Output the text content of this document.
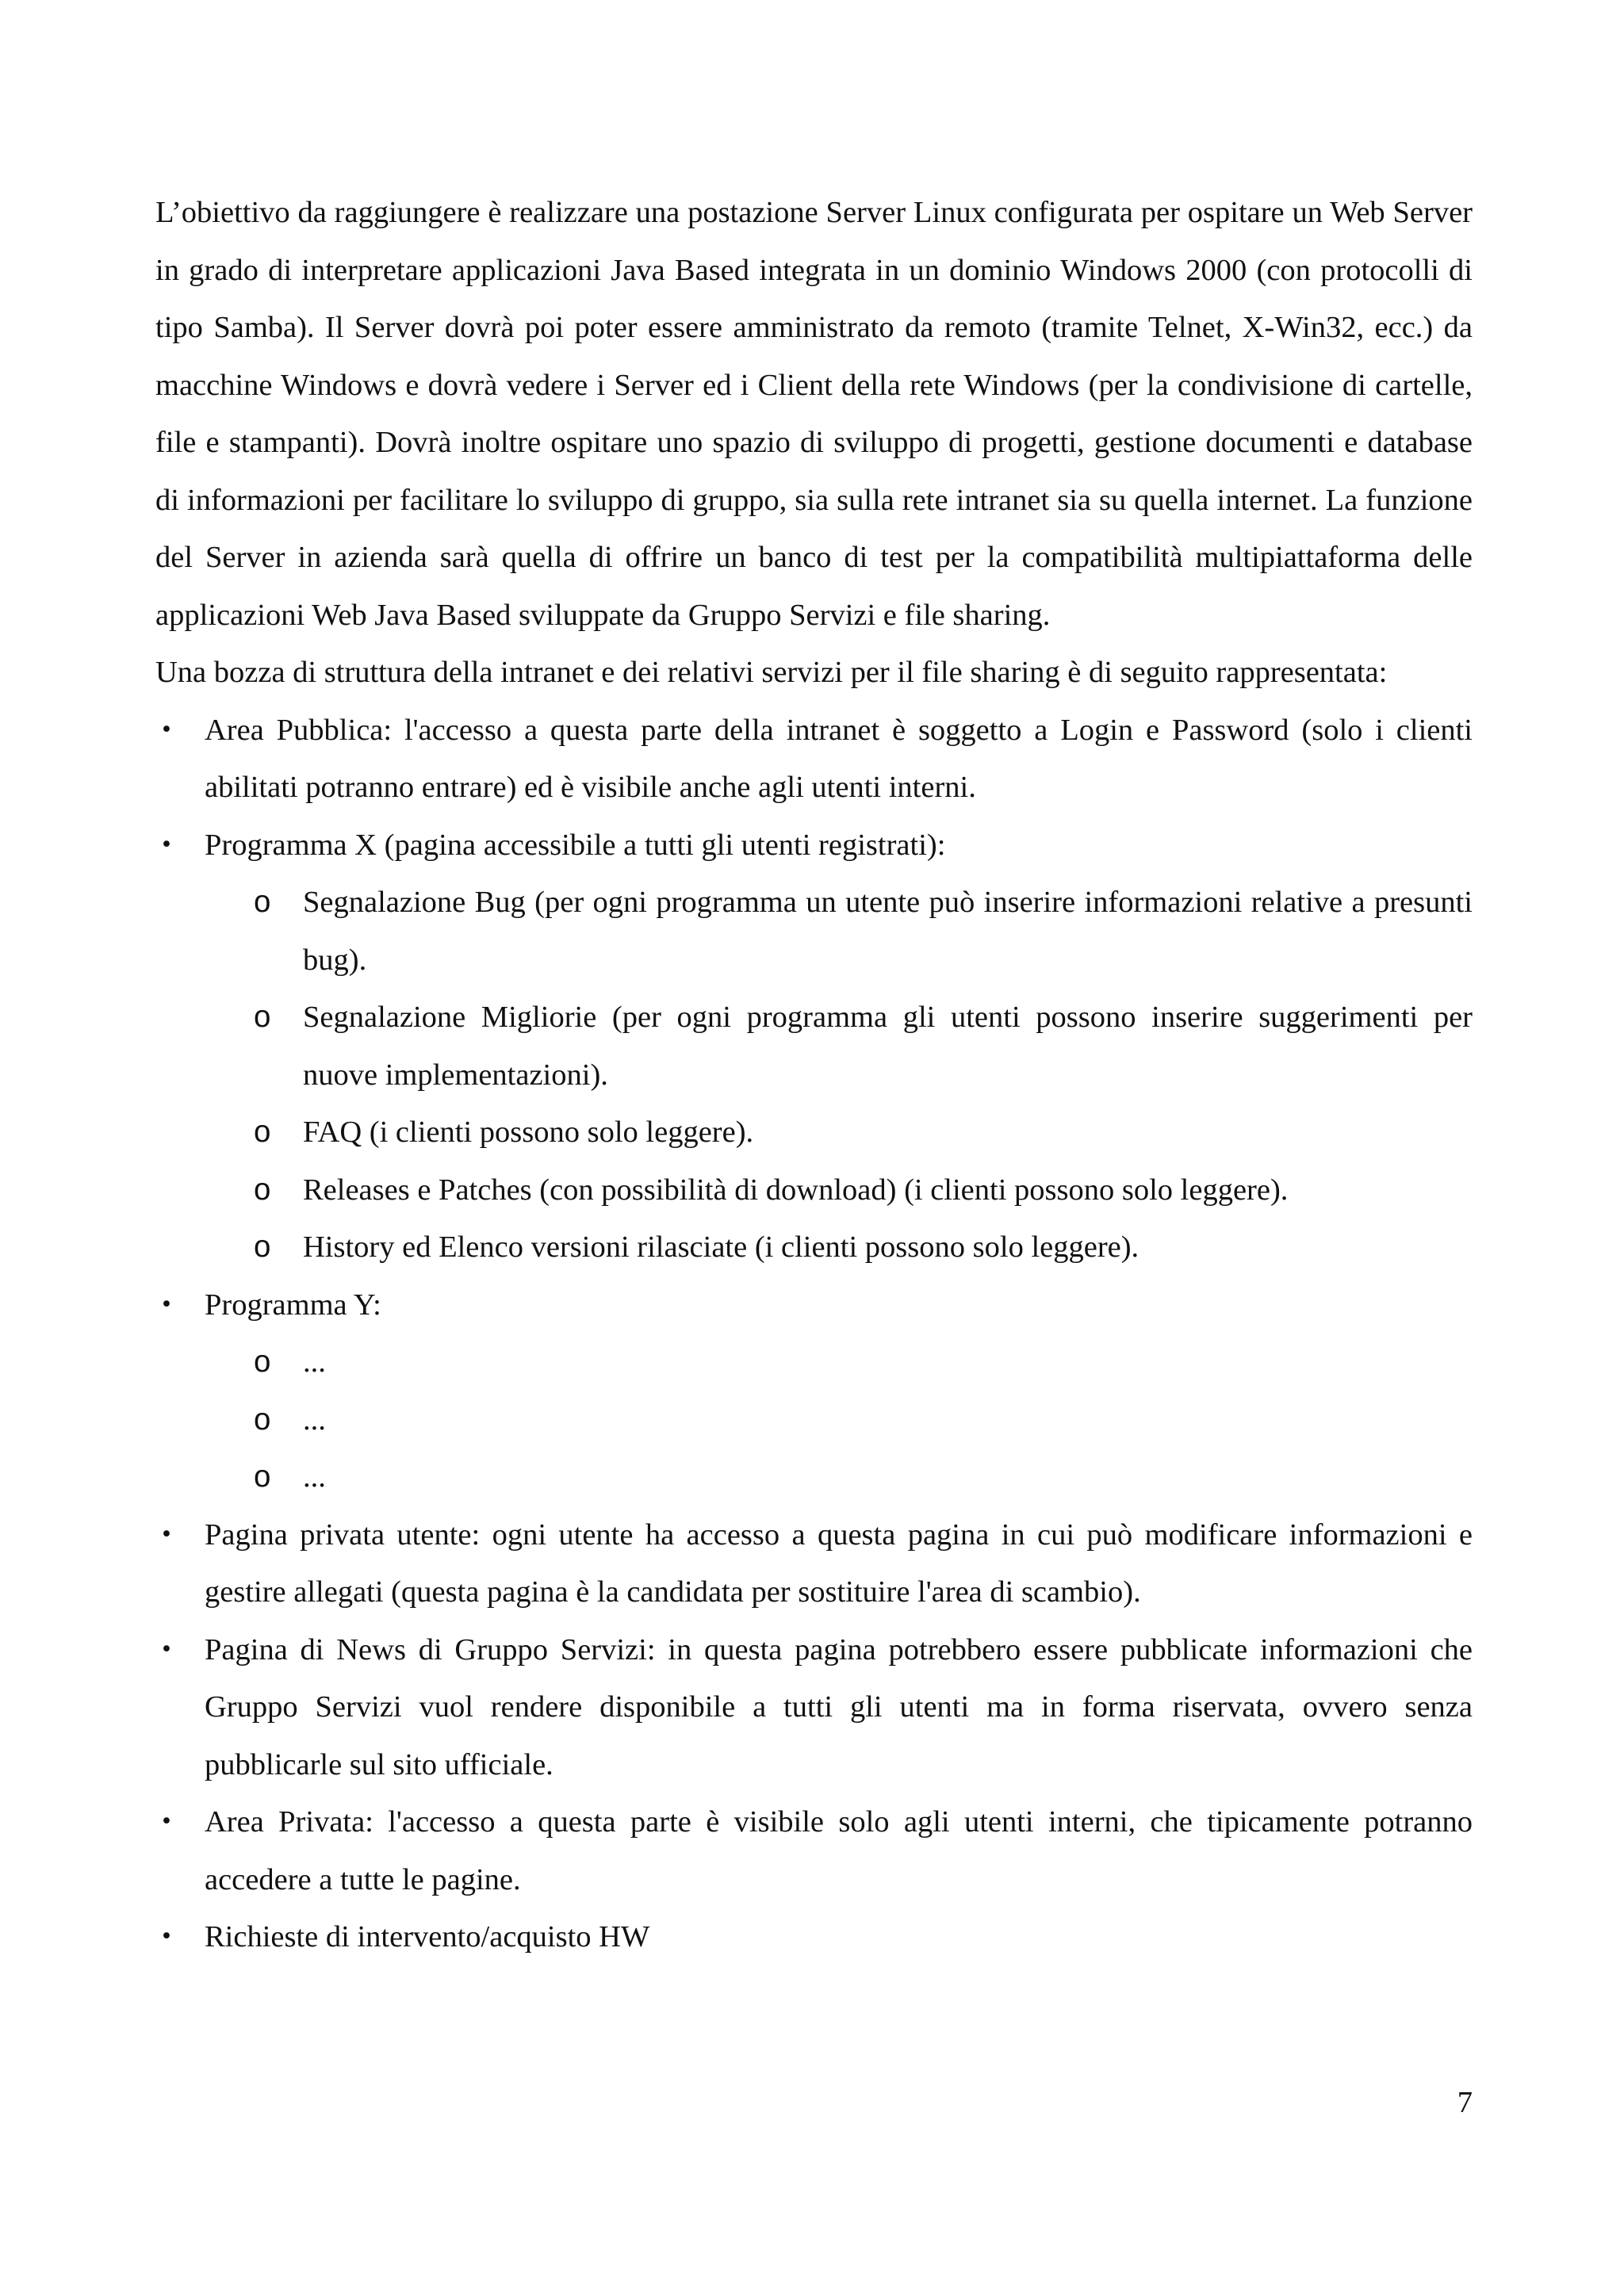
L’obiettivo da raggiungere è realizzare una postazione Server Linux configurata per ospitare un Web Server in grado di interpretare applicazioni Java Based integrata in un dominio Windows 2000 (con protocolli di tipo Samba). Il Server dovrà poi poter essere amministrato da remoto (tramite Telnet, X-Win32, ecc.) da macchine Windows e dovrà vedere i Server ed i Client della rete Windows (per la condivisione di cartelle, file e stampanti). Dovrà inoltre ospitare uno spazio di sviluppo di progetti, gestione documenti e database di informazioni per facilitare lo sviluppo di gruppo, sia sulla rete intranet sia su quella internet. La funzione del Server in azienda sarà quella di offrire un banco di test per la compatibilità multipiattaforma delle applicazioni Web Java Based sviluppate da Gruppo Servizi e file sharing.

Una bozza di struttura della intranet e dei relativi servizi per il file sharing è di seguito rappresentata:

• Area Pubblica: l'accesso a questa parte della intranet è soggetto a Login e Password (solo i clienti abilitati potranno entrare) ed è visibile anche agli utenti interni.
• Programma X (pagina accessibile a tutti gli utenti registrati):
o Segnalazione Bug (per ogni programma un utente può inserire informazioni relative a presunti bug).
o Segnalazione Migliorie (per ogni programma gli utenti possono inserire suggerimenti per nuove implementazioni).
o FAQ (i clienti possono solo leggere).
o Releases e Patches (con possibilità di download) (i clienti possono solo leggere).
o History ed Elenco versioni rilasciate (i clienti possono solo leggere).
• Programma Y:
o ...
o ...
o ...
• Pagina privata utente: ogni utente ha accesso a questa pagina in cui può modificare informazioni e gestire allegati (questa pagina è la candidata per sostituire l'area di scambio).
• Pagina di News di Gruppo Servizi: in questa pagina potrebbero essere pubblicate informazioni che Gruppo Servizi vuol rendere disponibile a tutti gli utenti ma in forma riservata, ovvero senza pubblicarle sul sito ufficiale.
• Area Privata: l'accesso a questa parte è visibile solo agli utenti interni, che tipicamente potranno accedere a tutte le pagine.
• Richieste di intervento/acquisto HW
7
